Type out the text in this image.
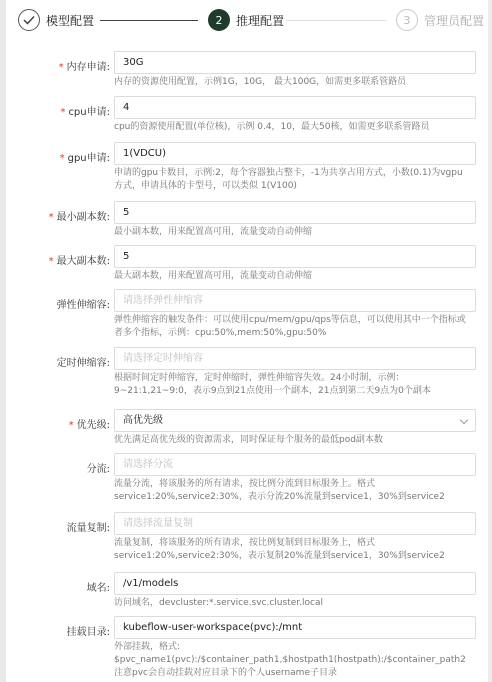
模型配置	2	推理配置	3	管理员配置
* 内存申请:	30G
内存的资源使用配置，示例1G，10G， 最大100G，如需更多联系管路员
* cpu申请:	4
cpu的资源使用配置(单位核)，示例 0.4，10，最大50核，如需更多联系管路员
* gpu申请:	1(VDCU)
申请的gpu卡数目，示例:2，每个容器独占整卡，-1为共享占用方式，小数(0.1)为vgpu
方式，申请具体的卡型号，可以类似 1(V100)
* 最小副本数:	5
最小副本数，用来配置高可用，流量变动自动伸缩
* 最大副本数:	5
最大副本数，用来配置高可用，流量变动自动伸缩
弹性伸缩容:	请选择弹性伸缩容
弹性伸缩容的触发条件：可以使用cpu/mem/gpu/qps等信息，可以使用其中一个指标或
者多个指标，示例：cpu:50%,mem:50%,gpu:50%
定时伸缩容:	请选择定时伸缩容
根据时间定时伸缩容，定时伸缩时，弹性伸缩容失效。24小时制，示例：
9~21:1,21~9:0，表示9点到21点使用一个副本，21点到第二天9点为0个副本
* 优先级:	高优先级
优先满足高优先级的资源需求，同时保证每个服务的最低pod副本数
分流:	请选择分流
流量分流，将该服务的所有请求，按比例分流到目标服务上。格式
service1:20%,service2:30%，表示分流20%流量到service1，30%到service2
流量复制:	请选择流量复制
流量复制，将该服务的所有请求，按比例复制到目标服务上，格式
service1:20%,service2:30%，表示复制20%流量到service1，30%到service2
域名:	/v1/models
访问域名，devcluster:*.service.svc.cluster.local
挂载目录:	kubeflow-user-workspace(pvc):/mnt
外部挂载，格式:
$pvc_name1(pvc):/$container_path1,$hostpath1(hostpath):/$container_path2
注意pvc会自动挂载对应目录下的个人username子目录
